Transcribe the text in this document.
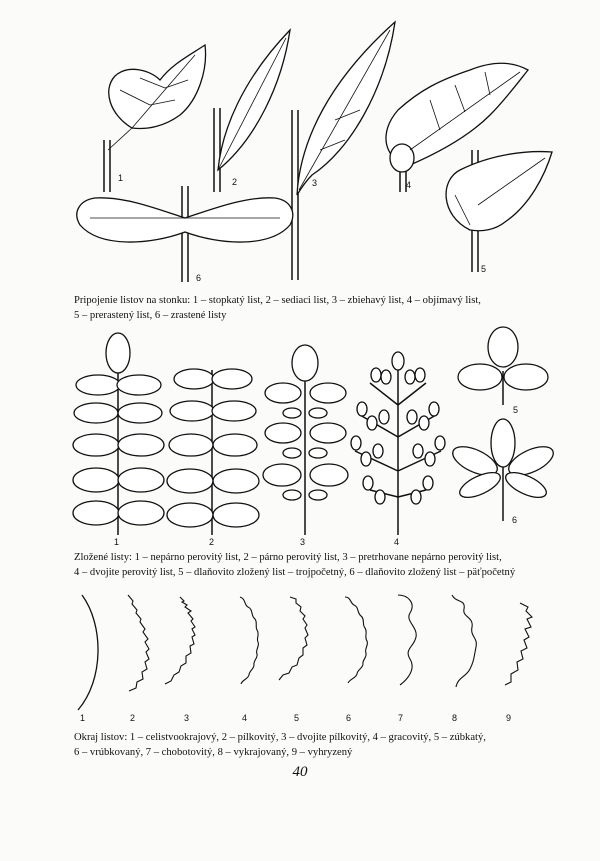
1	2	3	4
5
6
Pripojenie listov na stonku: 1 – stopkatý list, 2 – sediaci list, 3 – zbiehavý list, 4 – objímavý list,
5 – prerastený list, 6 – zrastené listy
1	2	3	4
5
6
Zložené listy: 1 – nepárno perovitý list, 2 – párno perovitý list, 3 – pretrhovane nepárno perovitý list,
4 – dvojite perovitý list, 5 – dlaňovito zložený list – trojpočetný, 6 – dlaňovito zložený list – päťpočetný
1	2	3	4	5	6	7	8	9
Okraj listov: 1 – celistvookrajový, 2 – pílkovitý, 3 – dvojite pílkovitý, 4 – gracovitý, 5 – zúbkatý,
6 – vrúbkovaný, 7 – chobotovitý, 8 – vykrajovaný, 9 – vyhryzený
40
